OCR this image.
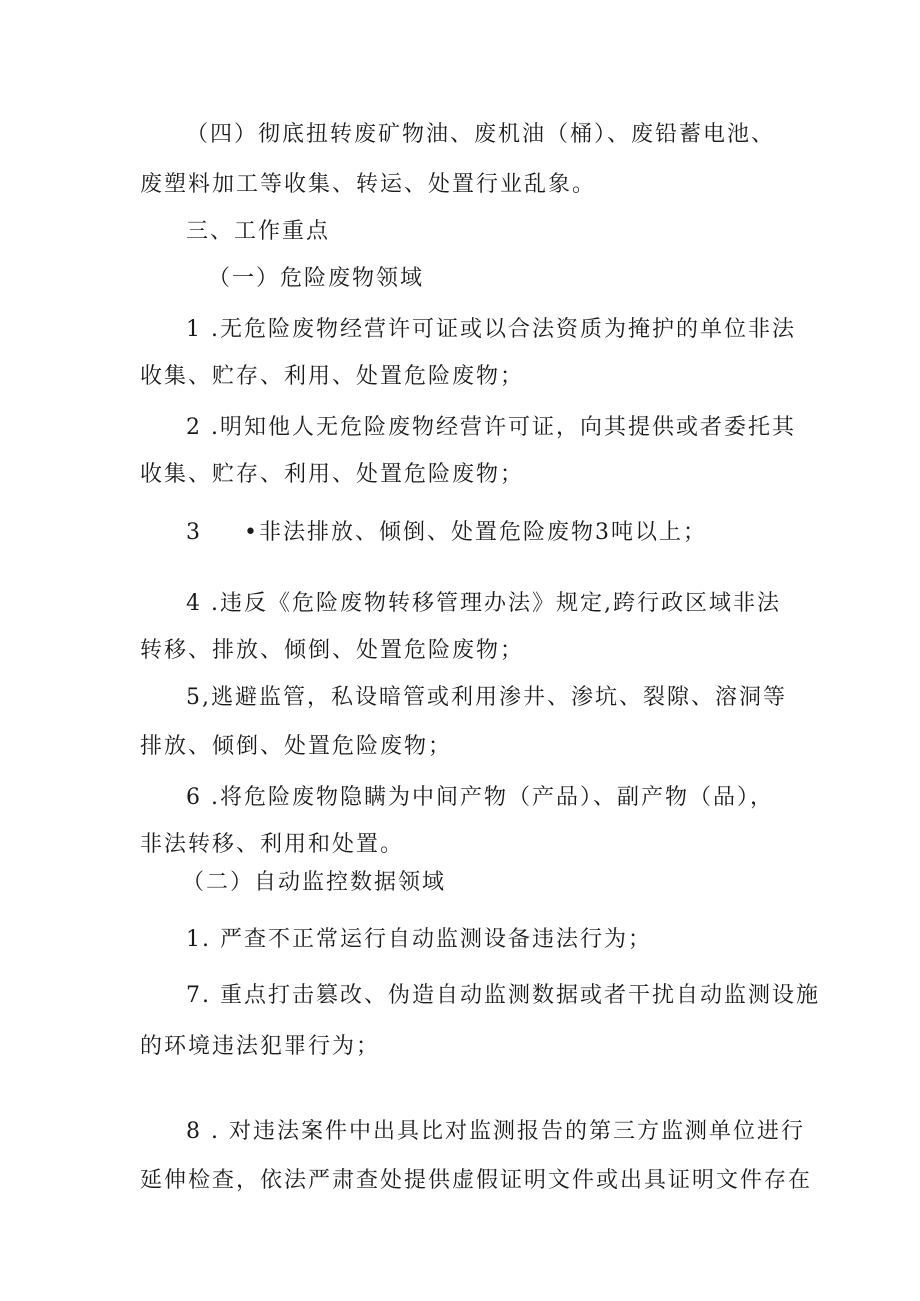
（四）彻底扭转废矿物油、废机油（桶）、废铅蓄电池、
废塑料加工等收集、转运、处置行业乱象。
三、工作重点
（一）危险废物领域
1 .无危险废物经营许可证或以合法资质为掩护的单位非法
收集、贮存、利用、处置危险废物；
2 .明知他人无危险废物经营许可证，向其提供或者委托其
收集、贮存、利用、处置危险废物；
3 •非法排放、倾倒、处置危险废物3吨以上；
4 .违反《危险废物转移管理办法》规定,跨行政区域非法
转移、排放、倾倒、处置危险废物；
5,逃避监管，私设暗管或利用渗井、渗坑、裂隙、溶洞等
排放、倾倒、处置危险废物；
6 .将危险废物隐瞒为中间产物（产品）、副产物（品），
非法转移、利用和处置。
（二）自动监控数据领域
1. 严查不正常运行自动监测设备违法行为；
7. 重点打击篡改、伪造自动监测数据或者干扰自动监测设施
的环境违法犯罪行为；
8 . 对违法案件中出具比对监测报告的第三方监测单位进行
延伸检查，依法严肃查处提供虚假证明文件或出具证明文件存在
